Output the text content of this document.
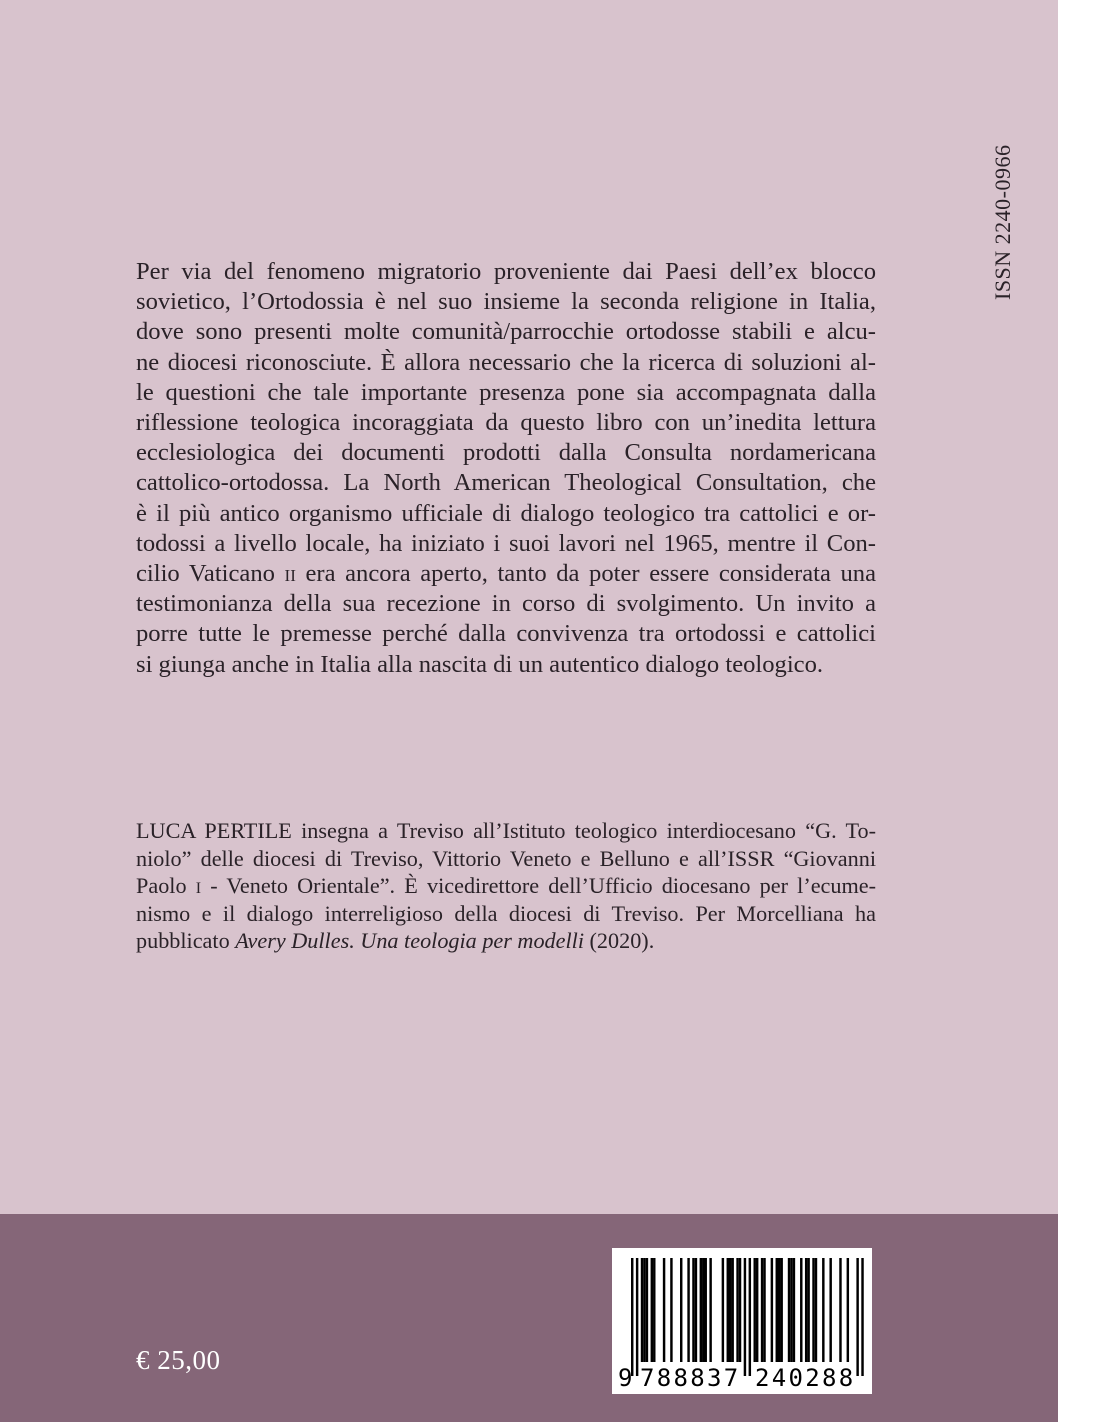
ISSN 2240-0966
Per via del fenomeno migratorio proveniente dai Paesi dell’ex blocco
sovietico, l’Ortodossia è nel suo insieme la seconda religione in Italia,
dove sono presenti molte comunità/parrocchie ortodosse stabili e alcu-
ne diocesi riconosciute. È allora necessario che la ricerca di soluzioni al-
le questioni che tale importante presenza pone sia accompagnata dalla
riflessione teologica incoraggiata da questo libro con un’inedita lettura
ecclesiologica dei documenti prodotti dalla Consulta nordamericana
cattolico-ortodossa. La North American Theological Consultation, che
è il più antico organismo ufficiale di dialogo teologico tra cattolici e or-
todossi a livello locale, ha iniziato i suoi lavori nel 1965, mentre il Con-
cilio Vaticano ii era ancora aperto, tanto da poter essere considerata una
testimonianza della sua recezione in corso di svolgimento. Un invito a
porre tutte le premesse perché dalla convivenza tra ortodossi e cattolici
si giunga anche in Italia alla nascita di un autentico dialogo teologico.
LUCA PERTILE insegna a Treviso all’Istituto teologico interdiocesano “G. To-
niolo” delle diocesi di Treviso, Vittorio Veneto e Belluno e all’ISSR “Giovanni
Paolo i - Veneto Orientale”. È vicedirettore dell’Ufficio diocesano per l’ecume-
nismo e il dialogo interreligioso della diocesi di Treviso. Per Morcelliana ha
pubblicato Avery Dulles. Una teologia per modelli (2020).
€ 25,00
9 788837 240288
